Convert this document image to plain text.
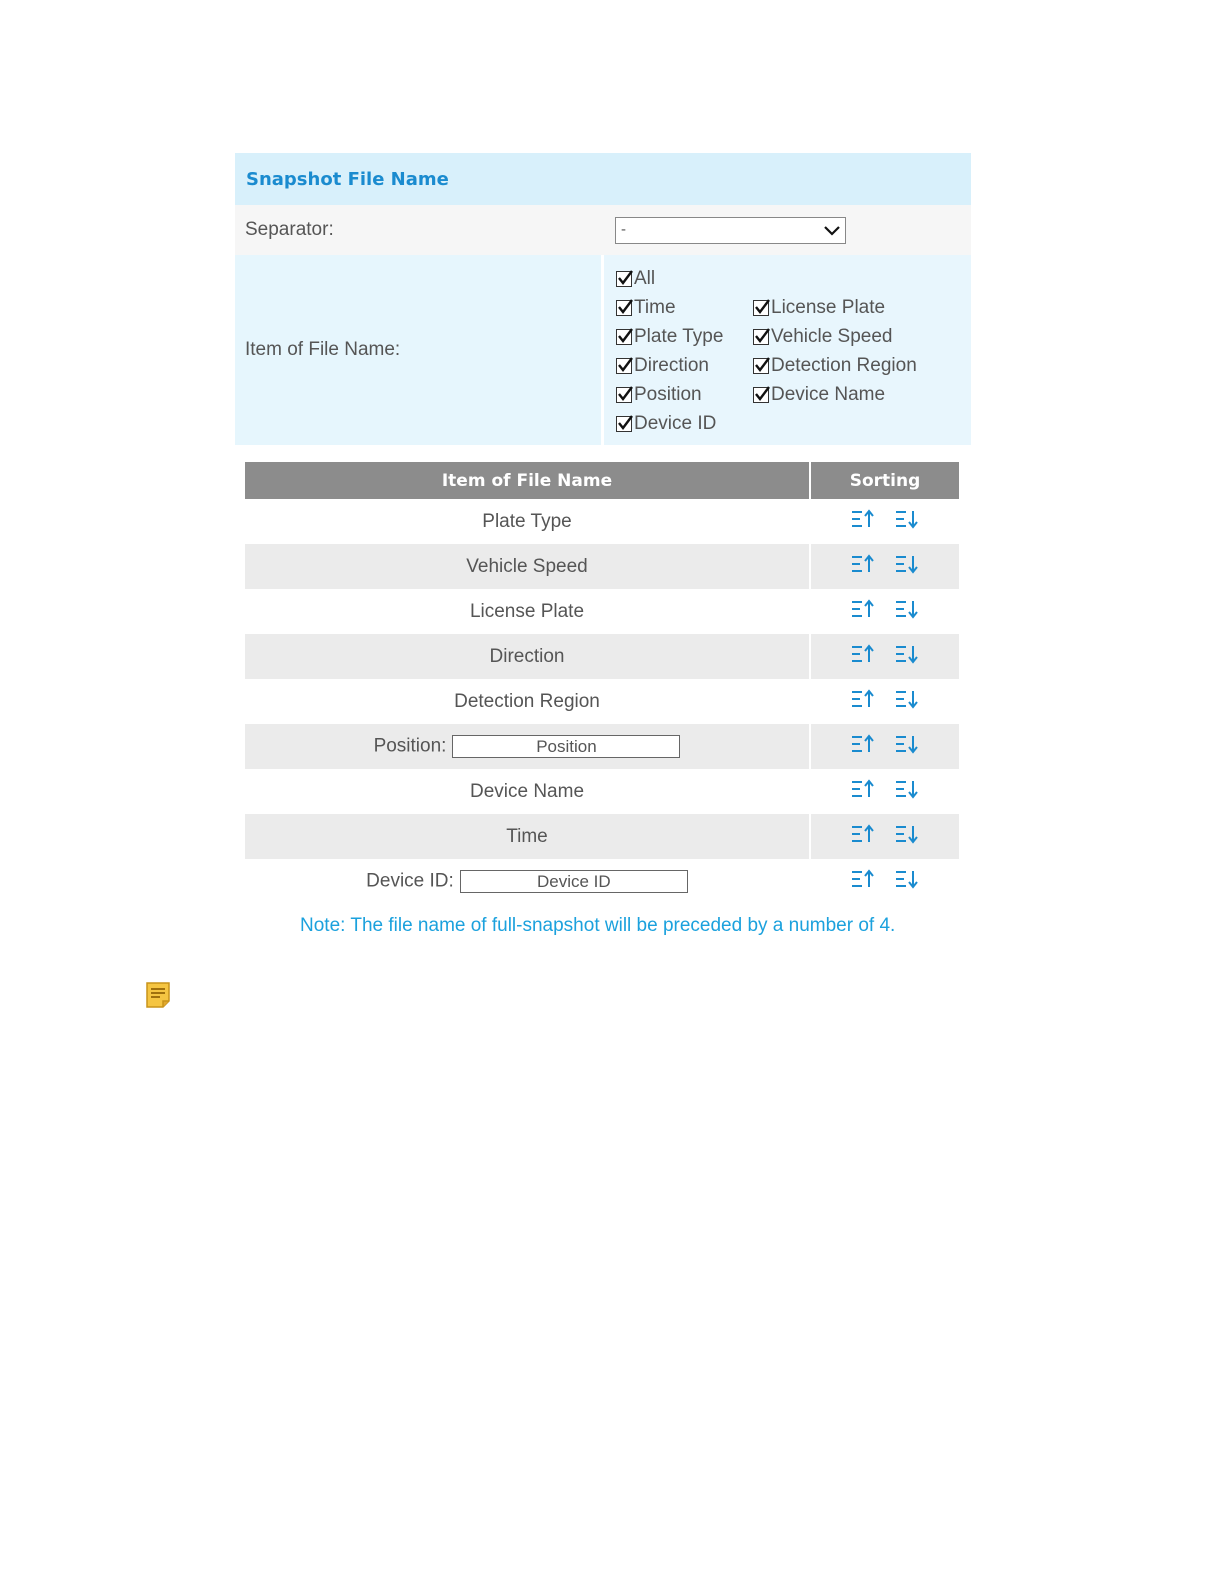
Snapshot File Name
Separator:	-
Item of File Name:
All
Time	License Plate
Plate Type	Vehicle Speed
Direction	Detection Region
Position	Device Name
Device ID
Item of File Name	Sorting
Plate Type	

Vehicle Speed	

License Plate	

Direction	

Detection Region	

Position:Position	

Device Name	

Time	

Device ID:Device ID	
Note: The file name of full-snapshot will be preceded by a number of 4.
